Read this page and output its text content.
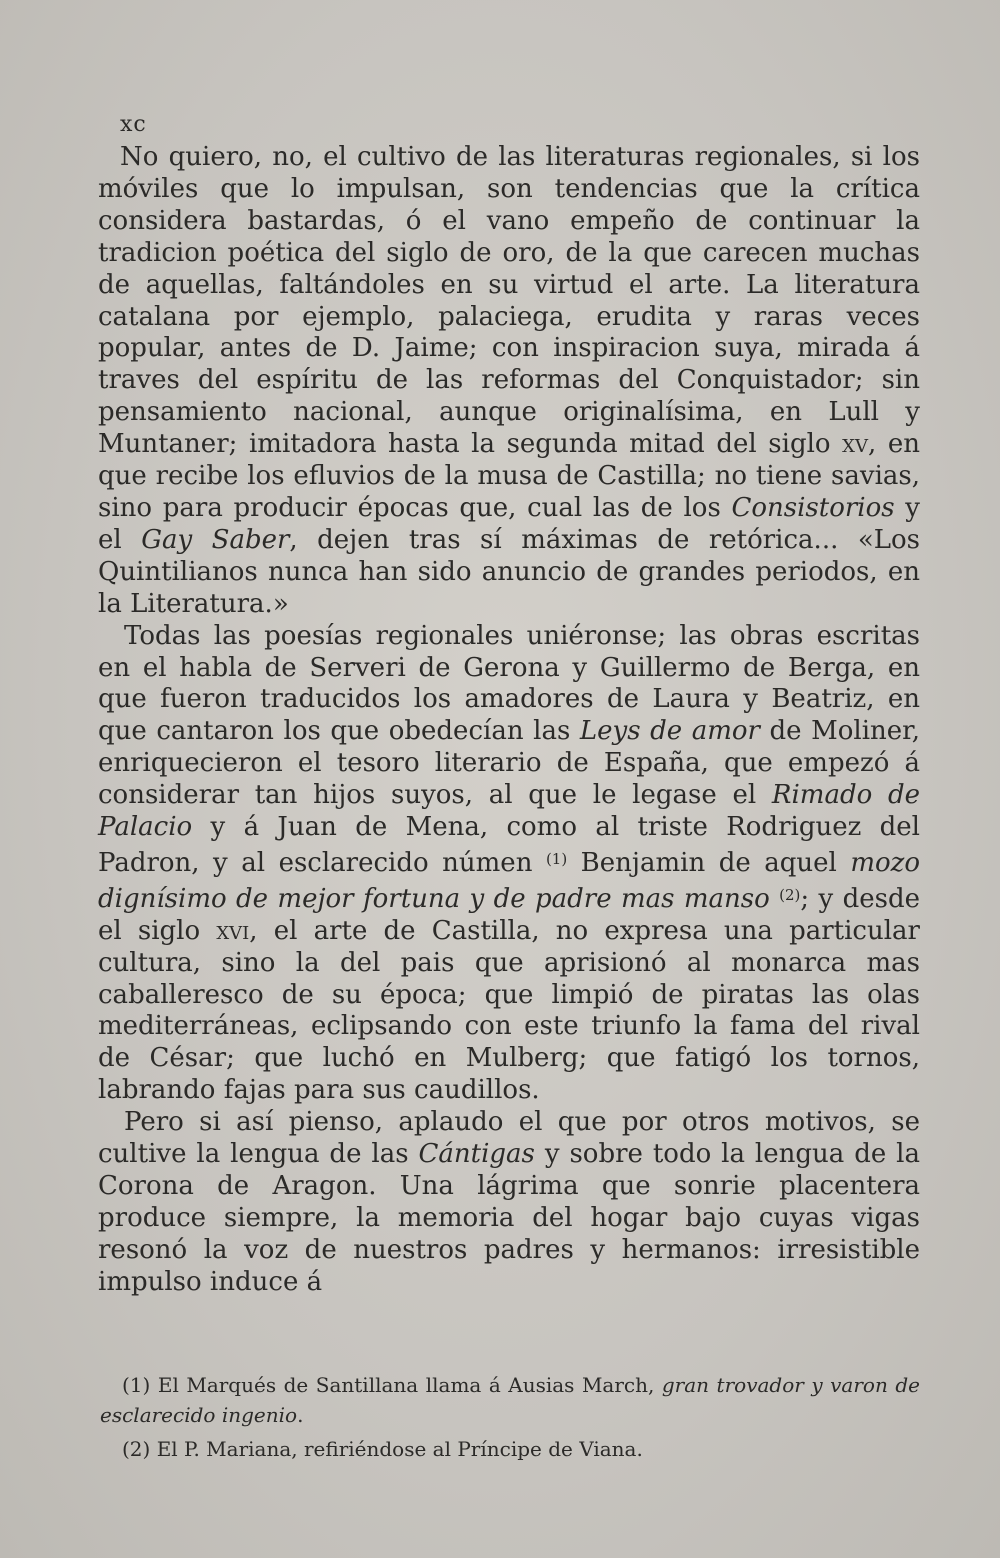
xc

No quiero, no, el cultivo de las literaturas regionales, si los móviles que lo impulsan, son tendencias que la crítica considera bastardas, ó el vano empeño de continuar la tradicion poética del siglo de oro, de la que carecen muchas de aquellas, faltándoles en su virtud el arte. La literatura catalana por ejemplo, palaciega, erudita y raras veces popular, antes de D. Jaime; con inspiracion suya, mirada á traves del espíritu de las reformas del Conquistador; sin pensamiento nacional, aunque originalísima, en Lull y Muntaner; imitadora hasta la segunda mitad del siglo xv, en que recibe los efluvios de la musa de Castilla; no tiene savias, sino para producir épocas que, cual las de los Consistorios y el Gay Saber, dejen tras sí máximas de retórica... «Los Quintilianos nunca han sido anuncio de grandes periodos, en la Literatura.»

Todas las poesías regionales uniéronse; las obras escritas en el habla de Serveri de Gerona y Guillermo de Berga, en que fueron traducidos los amadores de Laura y Beatriz, en que cantaron los que obedecían las Leys de amor de Moliner, enriquecieron el tesoro literario de España, que empezó á considerar tan hijos suyos, al que le legase el Rimado de Palacio y á Juan de Mena, como al triste Rodriguez del Padron, y al esclarecido númen $^{(1)}$ Benjamin de aquel mozo dignísimo de mejor fortuna y de padre mas manso $^{(2)}$; y desde el siglo xvi, el arte de Castilla, no expresa una particular cultura, sino la del pais que aprisionó al monarca mas caballeresco de su época; que limpió de piratas las olas mediterráneas, eclipsando con este triunfo la fama del rival de César; que luchó en Mulberg; que fatigó los tornos, labrando fajas para sus caudillos.

Pero si así pienso, aplaudo el que por otros motivos, se cultive la lengua de las Cántigas y sobre todo la lengua de la Corona de Aragon. Una lágrima que sonrie placentera produce siempre, la memoria del hogar bajo cuyas vigas resonó la voz de nuestros padres y hermanos: irresistible impulso induce á

(1) El Marqués de Santillana llama á Ausias March, gran trovador y varon de esclarecido ingenio.

(2) El P. Mariana, refiriéndose al Príncipe de Viana.
